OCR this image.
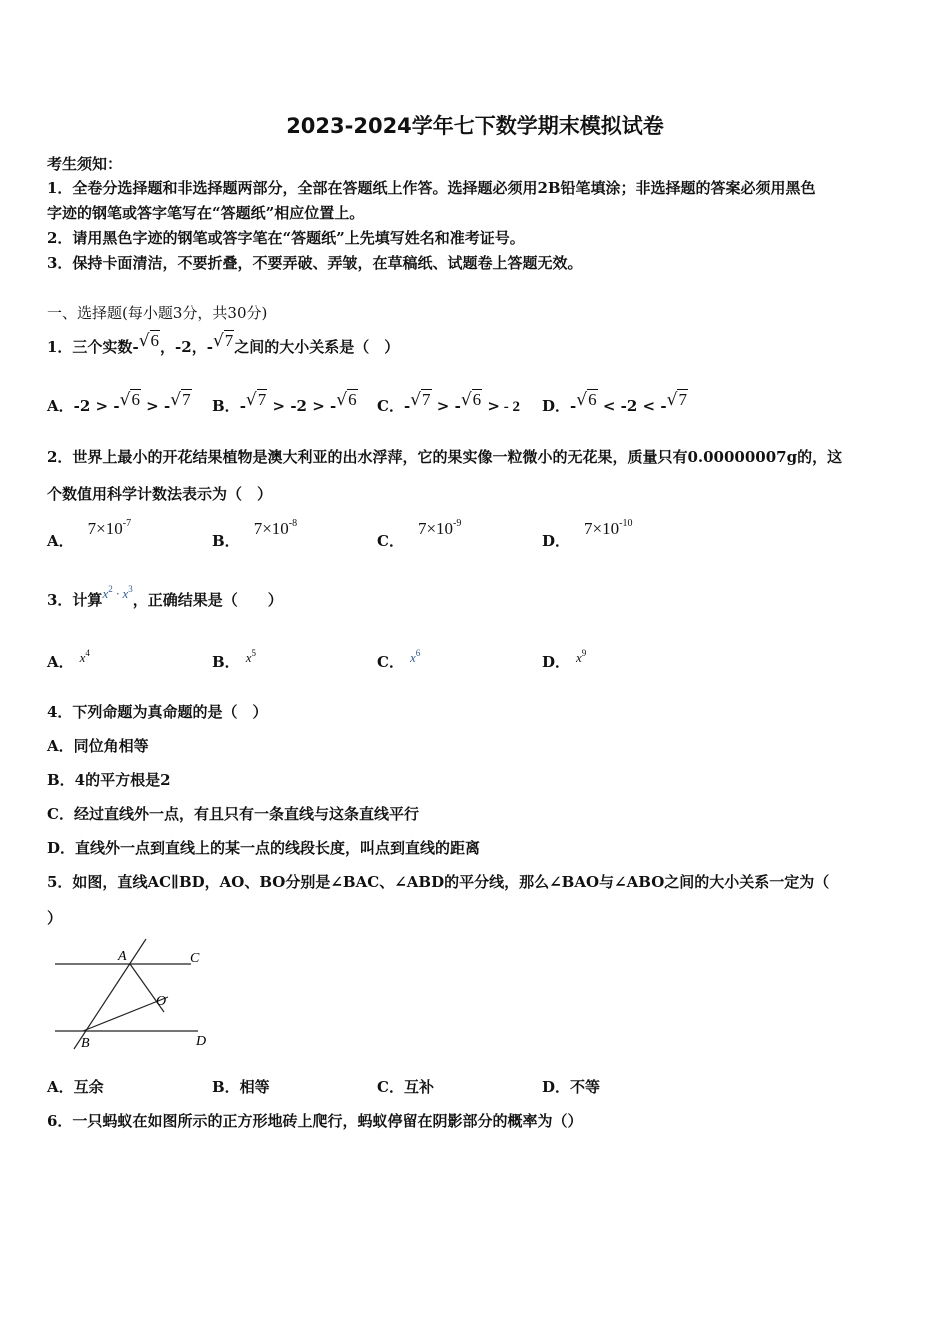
2023-2024学年七下数学期末模拟试卷
考生须知：
1．全卷分选择题和非选择题两部分，全部在答题纸上作答。选择题必须用2B铅笔填涂；非选择题的答案必须用黑色
字迹的钢笔或答字笔写在“答题纸”相应位置上。
2．请用黑色字迹的钢笔或答字笔在“答题纸”上先填写姓名和准考证号。
3．保持卡面清洁，不要折叠，不要弄破、弄皱，在草稿纸、试题卷上答题无效。
一、选择题(每小题3分，共30分)
1．三个实数-√6，-2，-√7之间的大小关系是（　）
A．-2 > -√6 > -√7 B．-√7 > -2 > -√6 C．-√7 > -√6 > - 2 D．-√6 < -2 < -√7
2．世界上最小的开花结果植物是澳大利亚的出水浮萍，它的果实像一粒微小的无花果，质量只有0.00000007g的，这
个数值用科学计数法表示为（　）
A．$7\times 10^{-7}$
B．$7\times 10^{-8}$
C．$7\times 10^{-9}$
D．$7\times 10^{-10}$
3．计算$x^2 \cdot x^3$，正确结果是（　　）
A． $x^4$	B． $x^5$	C． $x^6$	D． $x^9$
4．下列命题为真命题的是（　）
A．同位角相等
B．4的平方根是2
C．经过直线外一点，有且只有一条直线与这条直线平行
D．直线外一点到直线上的某一点的线段长度，叫点到直线的距离
5．如图，直线AC∥BD，AO、BO分别是∠BAC、∠ABD的平分线，那么∠BAO与∠ABO之间的大小关系一定为（
）
A	C
O
B	D
A．互余	B．相等	C．互补	D．不等
6．一只蚂蚁在如图所示的正方形地砖上爬行，蚂蚁停留在阴影部分的概率为（）
